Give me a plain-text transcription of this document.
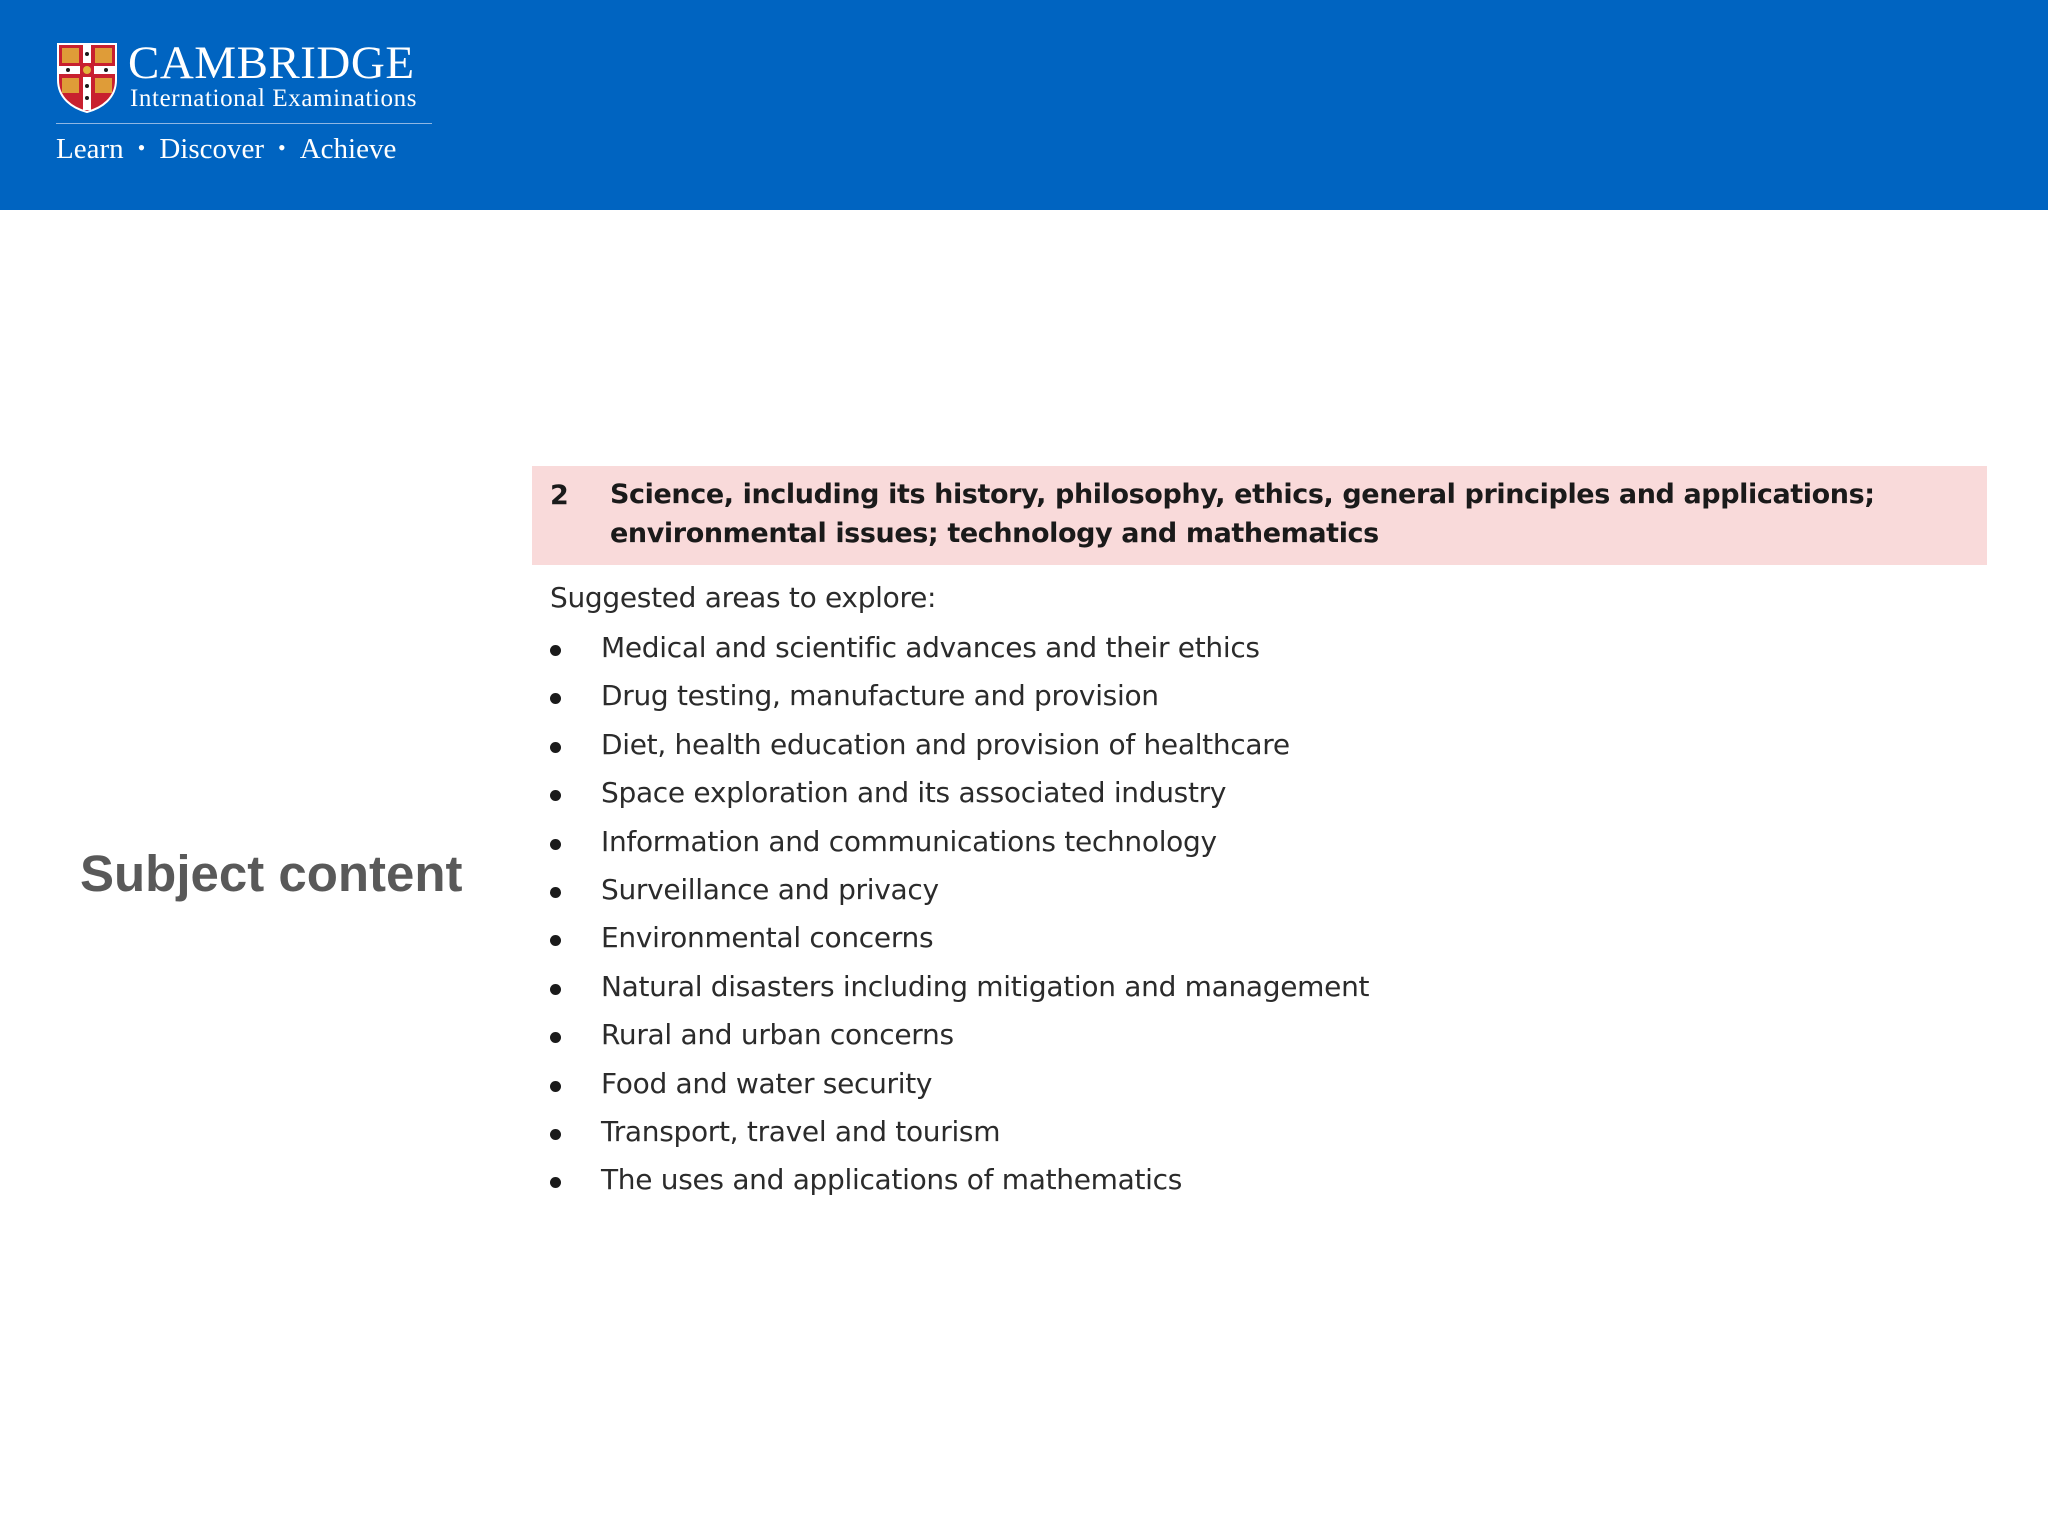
CAMBRIDGE
International Examinations
Learn • Discover • Achieve
Subject content
2 Science, including its history, philosophy, ethics, general principles and applications; environmental issues; technology and mathematics
Suggested areas to explore:
Medical and scientific advances and their ethics
Drug testing, manufacture and provision
Diet, health education and provision of healthcare
Space exploration and its associated industry
Information and communications technology
Surveillance and privacy
Environmental concerns
Natural disasters including mitigation and management
Rural and urban concerns
Food and water security
Transport, travel and tourism
The uses and applications of mathematics
